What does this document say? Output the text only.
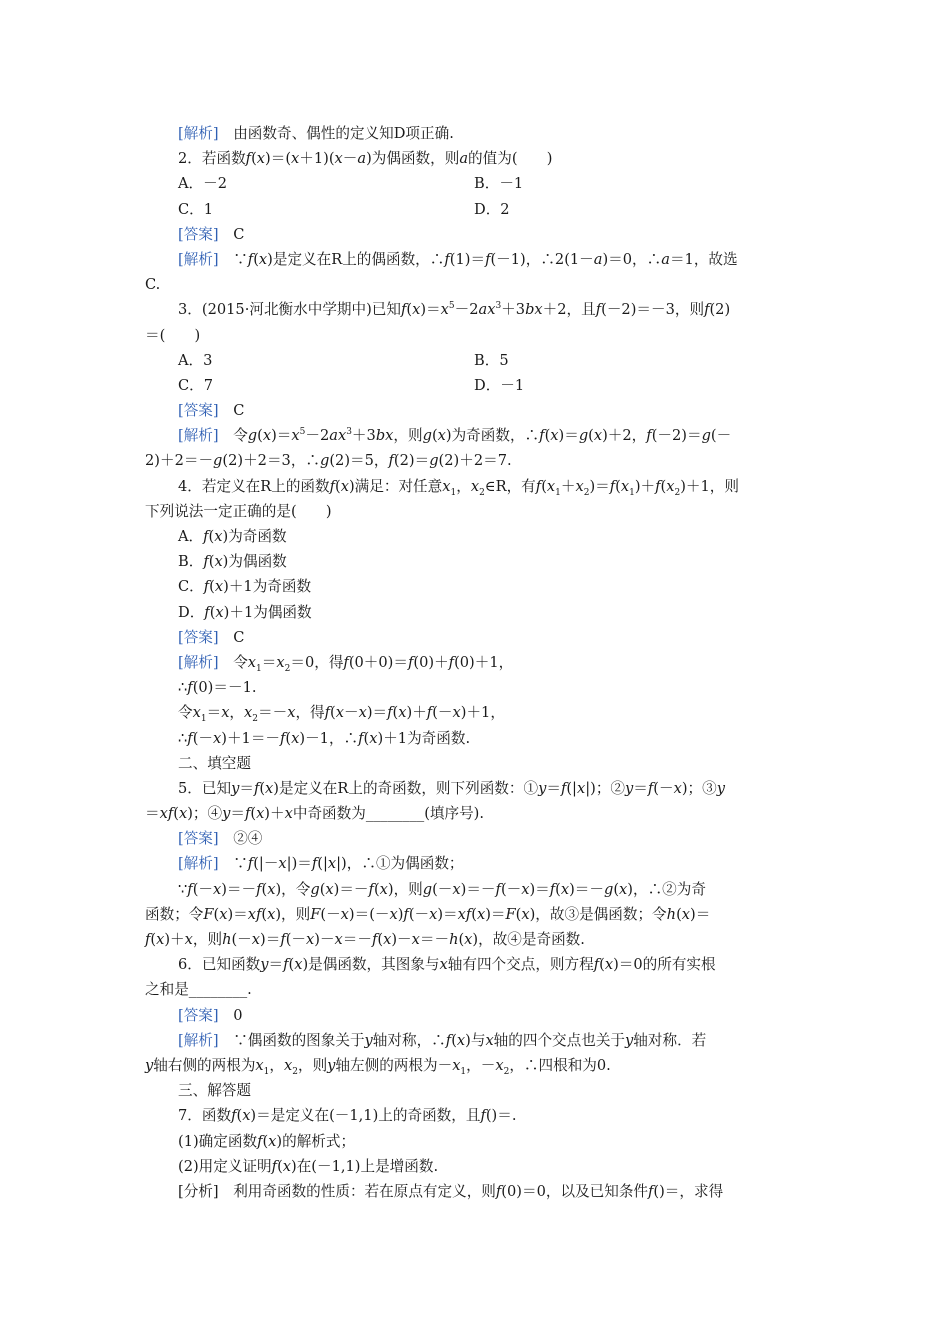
[解析]　 由函数奇、偶性的定义知D项正确.
2．若函数f(x)＝(x＋1)(x－a)为偶函数，则a的值为(　　)
A．－2	B．－1
C．1	D．2
[答案]　 C
[解析]　 ∵f(x)是定义在R上的偶函数，∴f(1)＝f(－1)，∴2(1－a)＝0，∴a＝1，故选
C.
3．(2015·河北衡水中学期中)已知$f(x)=x^5-2ax^3+3bx+2$，且f(－2)＝－3，则f(2)
＝(　　)
A．3	B．5
C．7	D．－1
[答案]　 C
[解析]　 令$g(x)=x^5-2ax^3+3bx$，则g(x)为奇函数，∴f(x)＝g(x)＋2，f(－2)＝g(－
2)＋2＝－g(2)＋2＝3，∴g(2)＝5，f(2)＝g(2)＋2＝7.
4．若定义在R上的函数f(x)满足：对任意$x_1$，$x_2\in R$，有$f(x_1+x_2)=f(x_1)+f(x_2)+1$，则
下列说法一定正确的是(　　)
A．f(x)为奇函数
B．f(x)为偶函数
C．f(x)＋1为奇函数
D．f(x)＋1为偶函数
[答案]　 C
[解析]　 令$x_1=x_2=0$，得f(0＋0)＝f(0)＋f(0)＋1，
∴f(0)＝－1.
令$x_1=x$，$x_2=-x$，得f(x－x)＝f(x)＋f(－x)＋1，
∴f(－x)＋1＝－f(x)－1，∴f(x)＋1为奇函数.
二、填空题
5．已知y＝f(x)是定义在R上的奇函数，则下列函数：①y＝f(|x|)；②y＝f(－x)；③y
＝xf(x)；④y＝f(x)＋x中奇函数为________(填序号).
[答案]　 ②④
[解析]　 ∵f(|－x|)＝f(|x|)，∴①为偶函数；
∵f(－x)＝－f(x)，令g(x)＝－f(x)，则g(－x)＝－f(－x)＝f(x)＝－g(x)，∴②为奇
函数；令F(x)＝xf(x)，则F(－x)＝(－x)f(－x)＝xf(x)＝F(x)，故③是偶函数；令h(x)＝
f(x)＋x，则h(－x)＝f(－x)－x＝－f(x)－x＝－h(x)，故④是奇函数.
6．已知函数y＝f(x)是偶函数，其图象与x轴有四个交点，则方程f(x)＝0的所有实根
之和是________.
[答案]　 0
[解析]　 ∵偶函数的图象关于y轴对称，∴f(x)与x轴的四个交点也关于y轴对称．若
y轴右侧的两根为$x_1$，$x_2$，则y轴左侧的两根为$-x_1$，$-x_2$，∴四根和为0.
三、解答题
7．函数f(x)＝是定义在(－1,1)上的奇函数，且f()＝.
(1)确定函数f(x)的解析式；
(2)用定义证明f(x)在(－1,1)上是增函数.
[分析]　 利用奇函数的性质：若在原点有定义，则f(0)＝0，以及已知条件f()＝，求得
